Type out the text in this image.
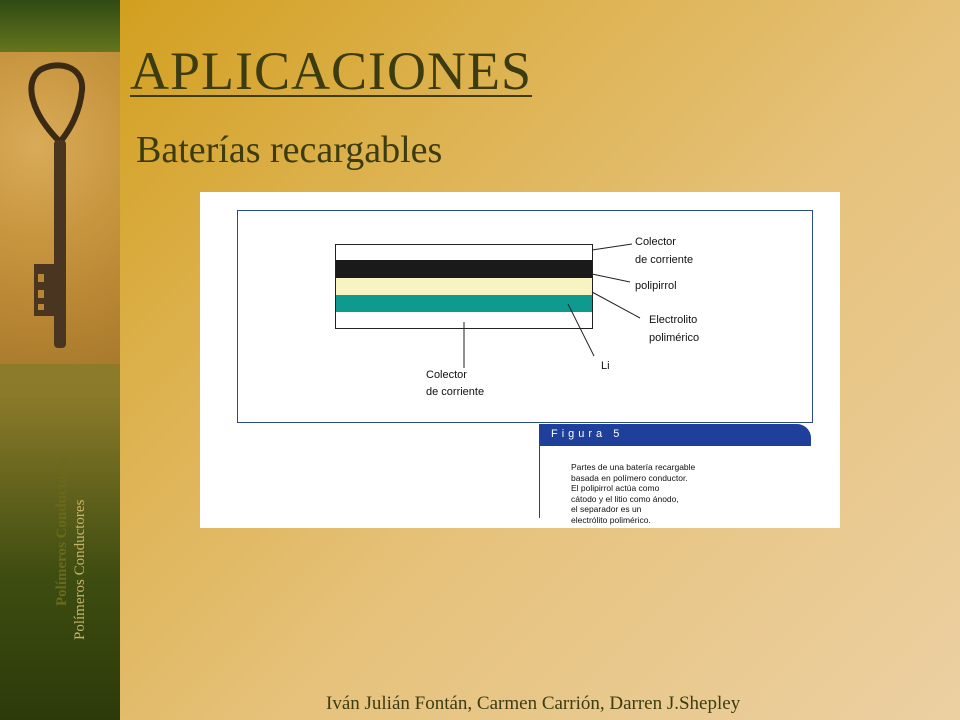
Polímeros Conductores Polímeros Conductores
APLICACIONES
Baterías recargables
Colector
de corriente
polipirrol
Electrolito
polimérico
Li
Colector
de corriente
Figura 5
Partes de una batería recargable
basada en polímero conductor.
El polipirrol actúa como
cátodo y el litio como ánodo,
el separador es un
electrólito polimérico.
Iván Julián Fontán, Carmen Carrión, Darren J.Shepley
